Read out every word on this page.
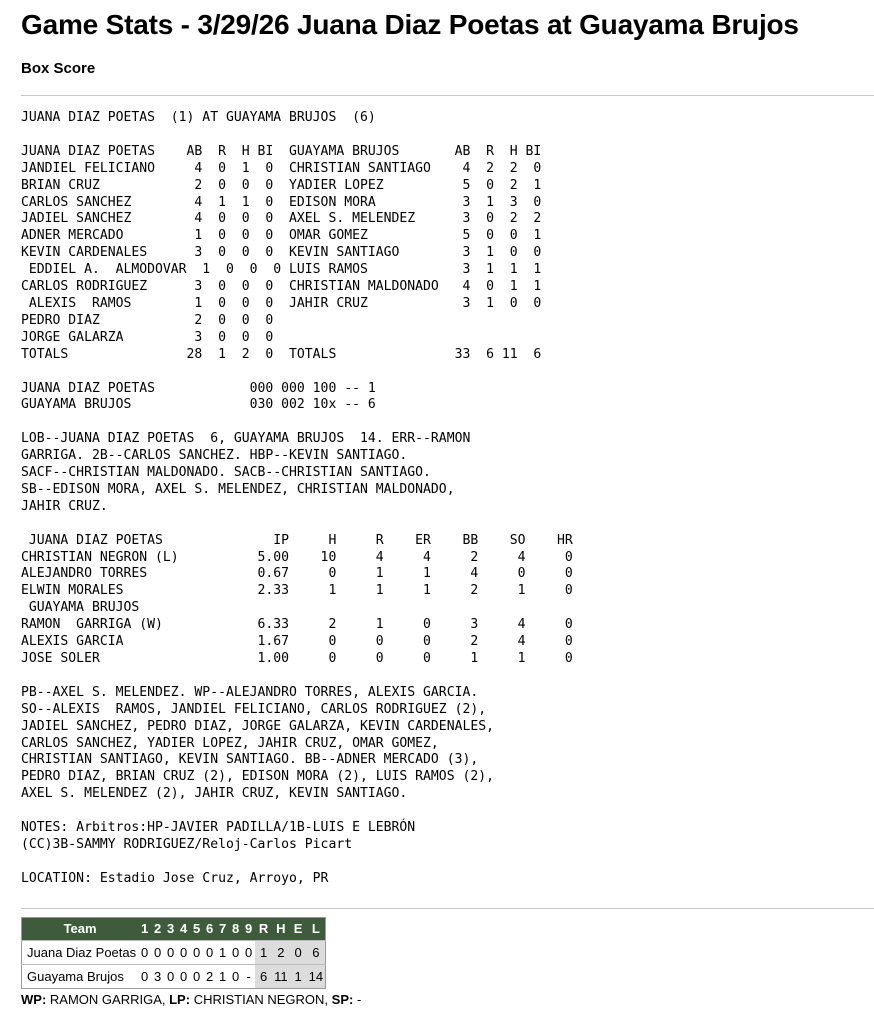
Game Stats - 3/29/26 Juana Diaz Poetas at Guayama Brujos
Box Score
JUANA DIAZ POETAS  (1) AT GUAYAMA BRUJOS  (6)

JUANA DIAZ POETAS    AB  R  H BI  GUAYAMA BRUJOS       AB  R  H BI
JANDIEL FELICIANO     4  0  1  0  CHRISTIAN SANTIAGO    4  2  2  0
BRIAN CRUZ            2  0  0  0  YADIER LOPEZ          5  0  2  1
CARLOS SANCHEZ        4  1  1  0  EDISON MORA           3  1  3  0
JADIEL SANCHEZ        4  0  0  0  AXEL S. MELENDEZ      3  0  2  2
ADNER MERCADO         1  0  0  0  OMAR GOMEZ            5  0  0  1
KEVIN CARDENALES      3  0  0  0  KEVIN SANTIAGO        3  1  0  0
EDDIEL A.  ALMODOVAR  1  0  0  0 LUIS RAMOS            3  1  1  1
CARLOS RODRIGUEZ      3  0  0  0  CHRISTIAN MALDONADO   4  0  1  1
ALEXIS  RAMOS        1  0  0  0  JAHIR CRUZ            3  1  0  0
PEDRO DIAZ            2  0  0  0
JORGE GALARZA         3  0  0  0
TOTALS               28  1  2  0  TOTALS               33  6 11  6

JUANA DIAZ POETAS            000 000 100 -- 1
GUAYAMA BRUJOS               030 002 10x -- 6

LOB--JUANA DIAZ POETAS  6, GUAYAMA BRUJOS  14. ERR--RAMON
GARRIGA. 2B--CARLOS SANCHEZ. HBP--KEVIN SANTIAGO.
SACF--CHRISTIAN MALDONADO. SACB--CHRISTIAN SANTIAGO.
SB--EDISON MORA, AXEL S. MELENDEZ, CHRISTIAN MALDONADO,
JAHIR CRUZ.

JUANA DIAZ POETAS              IP     H     R    ER    BB    SO    HR
CHRISTIAN NEGRON (L)          5.00    10     4     4     2     4     0
ALEJANDRO TORRES              0.67     0     1     1     4     0     0
ELWIN MORALES                 2.33     1     1     1     2     1     0
GUAYAMA BRUJOS
RAMON  GARRIGA (W)            6.33     2     1     0     3     4     0
ALEXIS GARCIA                 1.67     0     0     0     2     4     0
JOSE SOLER                    1.00     0     0     0     1     1     0

PB--AXEL S. MELENDEZ. WP--ALEJANDRO TORRES, ALEXIS GARCIA.
SO--ALEXIS  RAMOS, JANDIEL FELICIANO, CARLOS RODRIGUEZ (2),
JADIEL SANCHEZ, PEDRO DIAZ, JORGE GALARZA, KEVIN CARDENALES,
CARLOS SANCHEZ, YADIER LOPEZ, JAHIR CRUZ, OMAR GOMEZ,
CHRISTIAN SANTIAGO, KEVIN SANTIAGO. BB--ADNER MERCADO (3),
PEDRO DIAZ, BRIAN CRUZ (2), EDISON MORA (2), LUIS RAMOS (2),
AXEL S. MELENDEZ (2), JAHIR CRUZ, KEVIN SANTIAGO.

NOTES: Arbitros:HP-JAVIER PADILLA/1B-LUIS E LEBRÓN
(CC)3B-SAMMY RODRIGUEZ/Reloj-Carlos Picart

LOCATION: Estadio Jose Cruz, Arroyo, PR
Team	1	2	3	4	5	6	7	8	9	R	H	E	L
Juana Diaz Poetas	0	0	0	0	0	0	1	0	0	1	2	0	6
Guayama Brujos	0	3	0	0	0	2	1	0	-	6	11	1	14
WP: RAMON GARRIGA, LP: CHRISTIAN NEGRON, SP: -
